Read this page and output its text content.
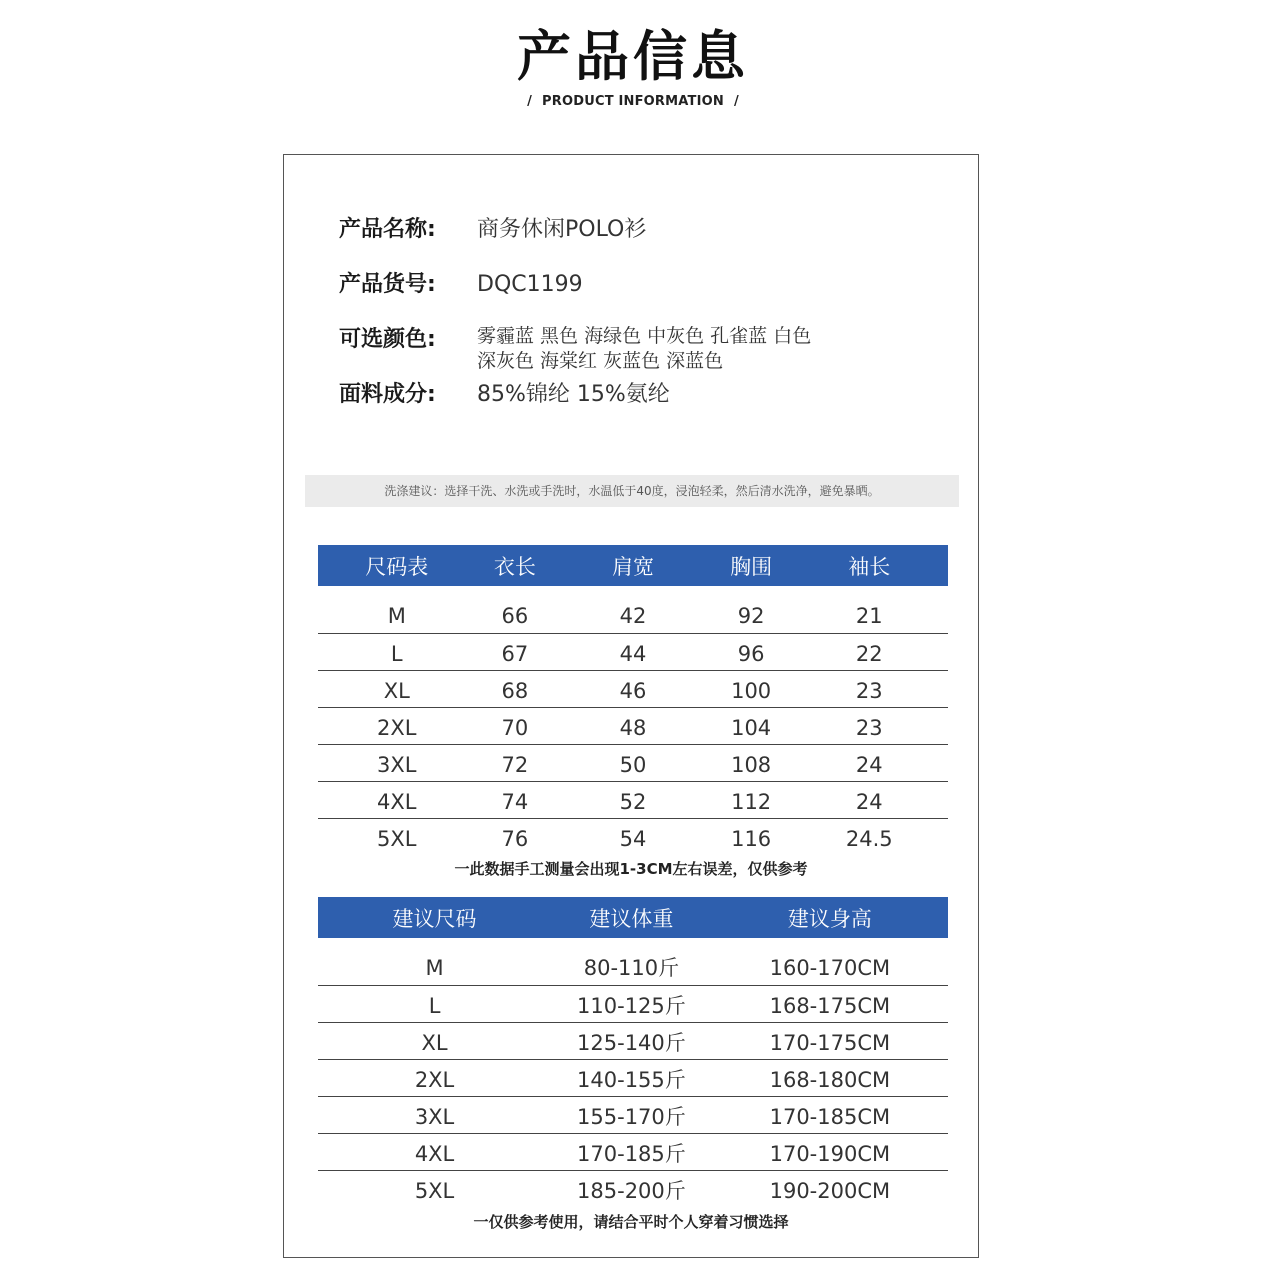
产品信息
/ PRODUCT INFORMATION /
产品名称: 商务休闲POLO衫
产品货号: DQC1199
可选颜色: 雾霾蓝 黑色 海绿色 中灰色 孔雀蓝 白色
深灰色 海棠红 灰蓝色 深蓝色
面料成分: 85%锦纶 15%氨纶
洗涤建议：选择干洗、水洗或手洗时，水温低于40度，浸泡轻柔，然后清水洗净，避免暴晒。
尺码表	衣长	肩宽	胸围	袖长
M	66	42	92	21
L	67	44	96	22
XL	68	46	100	23
2XL	70	48	104	23
3XL	72	50	108	24
4XL	74	52	112	24
5XL	76	54	116	24.5
一此数据手工测量会出现1-3CM左右误差，仅供参考
建议尺码	建议体重	建议身高
M	80-110斤	160-170CM
L	110-125斤	168-175CM
XL	125-140斤	170-175CM
2XL	140-155斤	168-180CM
3XL	155-170斤	170-185CM
4XL	170-185斤	170-190CM
5XL	185-200斤	190-200CM
一仅供参考使用，请结合平时个人穿着习惯选择
